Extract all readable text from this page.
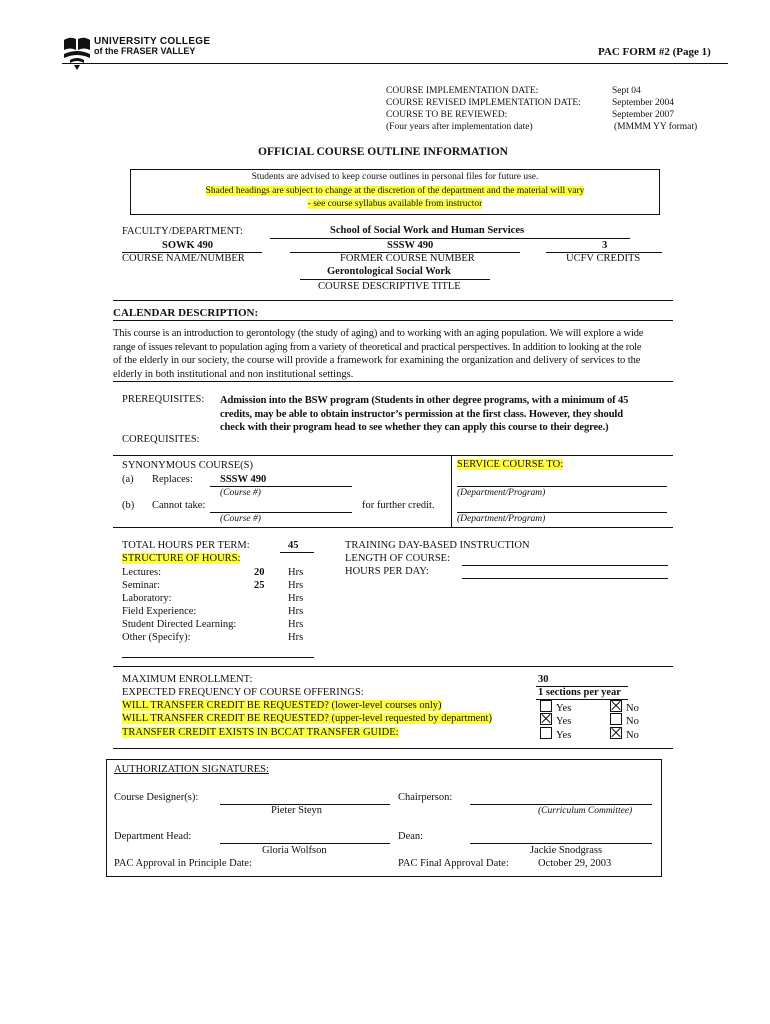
UNIVERSITY COLLEGE
of the FRASER VALLEY	PAC FORM #2 (Page 1)
COURSE IMPLEMENTATION DATE:	Sept 04
COURSE REVISED IMPLEMENTATION DATE:	September 2004
COURSE TO BE REVIEWED:	September 2007
(Four years after implementation date)	(MMMM YY format)
OFFICIAL COURSE OUTLINE INFORMATION
Students are advised to keep course outlines in personal files for future use.
Shaded headings are subject to change at the discretion of the department and the material will vary
- see course syllabus available from instructor
FACULTY/DEPARTMENT:	School of Social Work and Human Services
SOWK 490	SSSW 490	3
COURSE NAME/NUMBER	FORMER COURSE NUMBER	UCFV CREDITS
Gerontological Social Work
COURSE DESCRIPTIVE TITLE
CALENDAR DESCRIPTION:
This course is an introduction to gerontology (the study of aging) and to working with an aging population. We will explore a wide
range of issues relevant to population aging from a variety of theoretical and practical perspectives. In addition to looking at the role
of the elderly in our society, the course will provide a framework for examining the organization and delivery of services to the
elderly in both institutional and non institutional settings.
PREREQUISITES: Admission into the BSW program (Students in other degree programs, with a minimum of 45
credits, may be able to obtain instructor’s permission at the first class. However, they should
check with their program head to see whether they can apply this course to their degree.)
COREQUISITES:
SYNONYMOUS COURSE(S)	SERVICE COURSE TO:
(a) Replaces:	SSSW 490
(Course #)	(Department/Program)
(b) Cannot take:	for further credit.
(Course #)	(Department/Program)
TOTAL HOURS PER TERM:	45
STRUCTURE OF HOURS:
Lectures:	20 Hrs
Seminar:	25 Hrs
Laboratory:	Hrs
Field Experience:	Hrs
Student Directed Learning:	Hrs
Other (Specify):	Hrs
TRAINING DAY-BASED INSTRUCTION
LENGTH OF COURSE:
HOURS PER DAY:
MAXIMUM ENROLLMENT:	30
EXPECTED FREQUENCY OF COURSE OFFERINGS:	1 sections per year
WILL TRANSFER CREDIT BE REQUESTED? (lower-level courses only)	Yes	No
WILL TRANSFER CREDIT BE REQUESTED? (upper-level requested by department)	Yes	No
TRANSFER CREDIT EXISTS IN BCCAT TRANSFER GUIDE:	Yes	No
AUTHORIZATION SIGNATURES:
Course Designer(s):
Pieter Steyn
Chairperson:
(Curriculum Committee)
Department Head:
Gloria Wolfson
Dean:
Jackie Snodgrass
PAC Approval in Principle Date:	PAC Final Approval Date:	October 29, 2003
